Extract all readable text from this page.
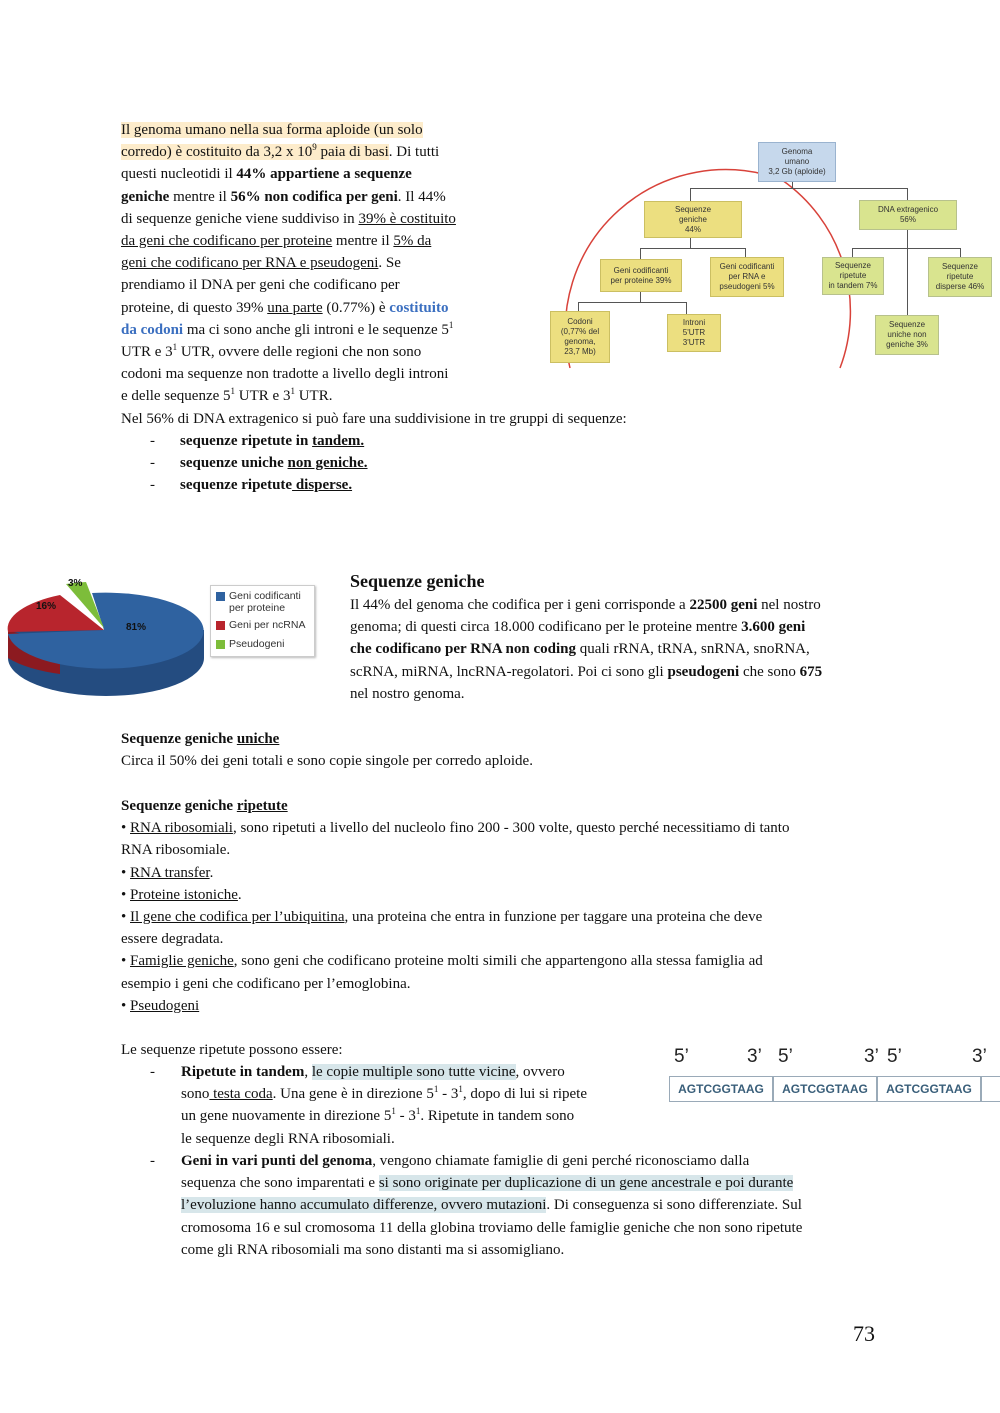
Il genoma umano nella sua forma aploide (un solo
corredo) è costituito da 3,2 x $10^9$ paia di basi. Di tutti
questi nucleotidi il 44% appartiene a sequenze
geniche mentre il 56% non codifica per geni. Il 44%
di sequenze geniche viene suddiviso in 39% è costituito
da geni che codificano per proteine mentre il 5% da
geni che codificano per RNA e pseudogeni. Se
prendiamo il DNA per geni che codificano per
proteine, di questo 39% una parte (0.77%) è costituito
da codoni ma ci sono anche gli introni e le sequenze $5^1$
UTR e $3^1$ UTR, ovvere delle regioni che non sono
codoni ma sequenze non tradotte a livello degli introni
e delle sequenze $5^1$ UTR e $3^1$ UTR.
Nel 56% di DNA extragenico si può fare una suddivisione in tre gruppi di sequenze:
- sequenze ripetute in tandem.
- sequenze uniche non geniche.
- sequenze ripetute disperse.
Genoma
umano
3,2 Gb (aploide)
Sequenze
geniche
44%
DNA extragenico
56%
Geni codificanti
per proteine 39%
Geni codificanti
per RNA e
pseudogeni 5%
Sequenze
ripetute
in tandem 7%
Sequenze
ripetute
disperse 46%
Codoni
(0,77% del
genoma,
23,7 Mb)
Introni
5'UTR
3'UTR
Sequenze
uniche non
geniche 3%
81%
16%
3%
Geni codificanti per proteine
Geni per ncRNA
Pseudogeni
Sequenze geniche
Il 44% del genoma che codifica per i geni corrisponde a 22500 geni nel nostro
genoma; di questi circa 18.000 codificano per le proteine mentre 3.600 geni
che codificano per RNA non coding quali rRNA, tRNA, snRNA, snoRNA,
scRNA, miRNA, lncRNA-regolatori. Poi ci sono gli pseudogeni che sono 675
nel nostro genoma.
Sequenze geniche uniche
Circa il 50% dei geni totali e sono copie singole per corredo aploide.
Sequenze geniche ripetute
• RNA ribosomiali, sono ripetuti a livello del nucleolo fino 200 - 300 volte, questo perché necessitiamo di tanto
RNA ribosomiale.
• RNA transfer.
• Proteine istoniche.
• Il gene che codifica per l’ubiquitina, una proteina che entra in funzione per taggare una proteina che deve
essere degradata.
• Famiglie geniche, sono geni che codificano proteine molti simili che appartengono alla stessa famiglia ad
esempio i geni che codificano per l’emoglobina.
• Pseudogeni
Le sequenze ripetute possono essere:
- Ripetute in tandem, le copie multiple sono tutte vicine, ovvero
sono testa coda. Una gene è in direzione $5^1 - 3^1$, dopo di lui si ripete
un gene nuovamente in direzione $5^1 - 3^1$. Ripetute in tandem sono
le sequenze degli RNA ribosomiali.
- Geni in vari punti del genoma, vengono chiamate famiglie di geni perché riconosciamo dalla
sequenza che sono imparentati e si sono originate per duplicazione di un gene ancestrale e poi durante
l’evoluzione hanno accumulato differenze, ovvero mutazioni. Di conseguenza si sono differenziate. Sul
cromosoma 16 e sul cromosoma 11 della globina troviamo delle famiglie geniche che non sono ripetute
come gli RNA ribosomiali ma sono distanti ma si assomigliano.
5’	3’ 5’	3’ 5’	3’
AGTCGGTAAG	AGTCGGTAAG	AGTCGGTAAG
73
